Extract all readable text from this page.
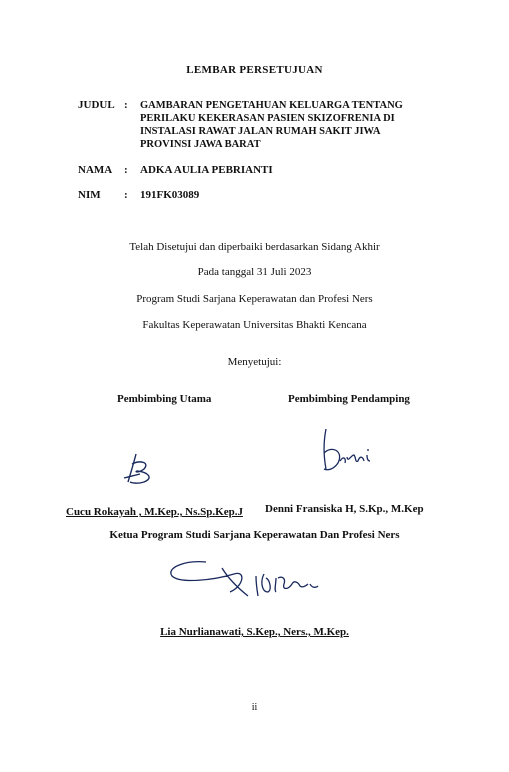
LEMBAR PERSETUJUAN
JUDUL : GAMBARAN PENGETAHUAN KELUARGA TENTANG
PERILAKU KEKERASAN PASIEN SKIZOFRENIA DI
INSTALASI RAWAT JALAN RUMAH SAKIT JIWA
PROVINSI JAWA BARAT
NAMA : ADKA AULIA PEBRIANTI
NIM : 191FK03089
Telah Disetujui dan diperbaiki berdasarkan Sidang Akhir
Pada tanggal 31 Juli 2023
Program Studi Sarjana Keperawatan dan Profesi Ners
Fakultas Keperawatan Universitas Bhakti Kencana
Menyetujui:
Pembimbing Utama	Pembimbing Pendamping
Cucu Rokayah , M.Kep., Ns.Sp.Kep.J Denni Fransiska H, S.Kp., M.Kep
Ketua Program Studi Sarjana Keperawatan Dan Profesi Ners
Lia Nurlianawati, S.Kep., Ners., M.Kep.
ii
